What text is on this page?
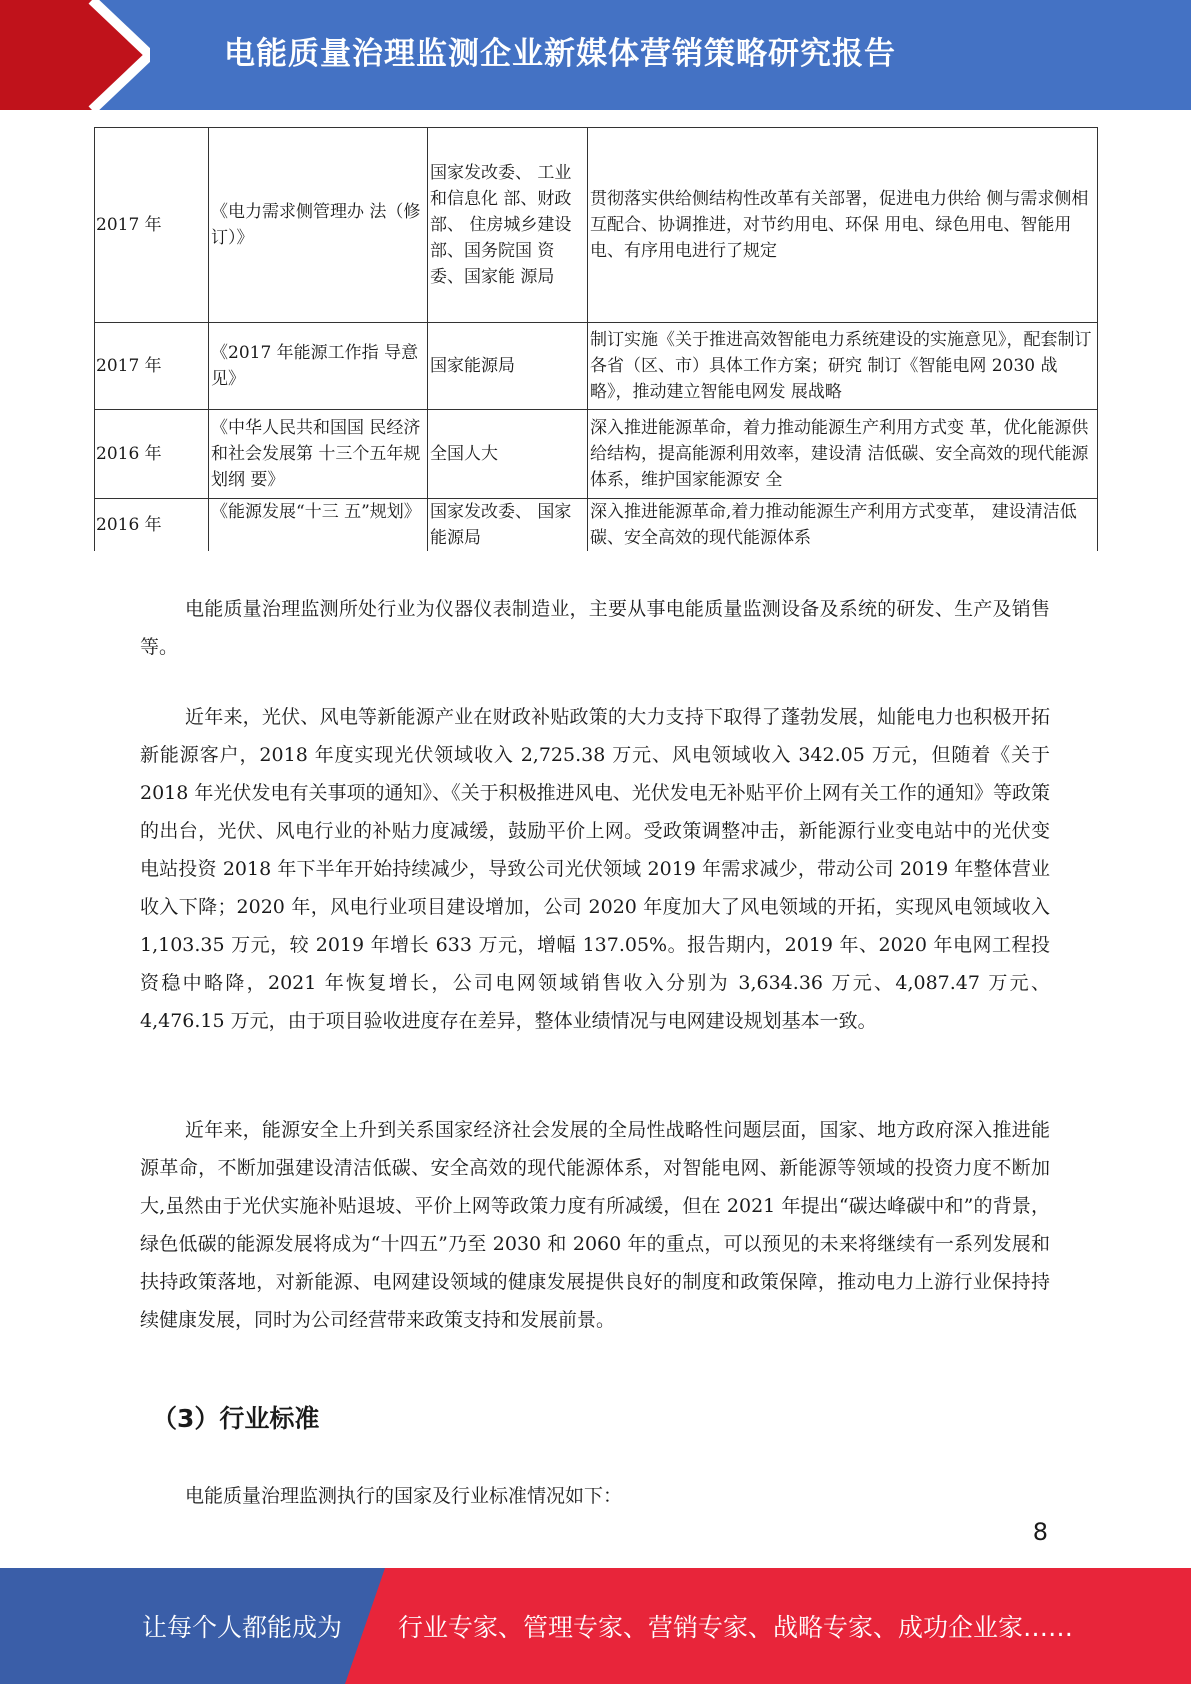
电能质量治理监测企业新媒体营销策略研究报告
2017 年	《电力需求侧管理办 法（修订）》	国家发改委、 工业和信息化 部、财政部、 住房城乡建设 部、国务院国 资委、国家能 源局	贯彻落实供给侧结构性改革有关部署，促进电力供给 侧与需求侧相互配合、协调推进，对节约用电、环保 用电、绿色用电、智能用电、有序用电进行了规定
2017 年	《2017 年能源工作指 导意见》	国家能源局	制订实施《关于推进高效智能电力系统建设的实施意见》，配套制订各省（区、市）具体工作方案；研究 制订《智能电网 2030 战略》，推动建立智能电网发 展战略
2016 年	《中华人民共和国国 民经济和社会发展第 十三个五年规划纲 要》	全国人大	深入推进能源革命，着力推动能源生产利用方式变 革，优化能源供给结构，提高能源利用效率，建设清 洁低碳、安全高效的现代能源体系，维护国家能源安 全
2016 年	《能源发展“十三 五”规划》	国家发改委、 国家能源局	深入推进能源革命,着力推动能源生产利用方式变革， 建设清洁低碳、安全高效的现代能源体系

电能质量治理监测所处行业为仪器仪表制造业，主要从事电能质量监测设备及系统的研发、生产及销售等。

近年来，光伏、风电等新能源产业在财政补贴政策的大力支持下取得了蓬勃发展，灿能电力也积极开拓新能源客户，2018 年度实现光伏领域收入 2,725.38 万元、风电领域收入 342.05 万元，但随着《关于 2018 年光伏发电有关事项的通知》、《关于积极推进风电、光伏发电无补贴平价上网有关工作的通知》等政策的出台，光伏、风电行业的补贴力度减缓，鼓励平价上网。受政策调整冲击，新能源行业变电站中的光伏变电站投资 2018 年下半年开始持续减少，导致公司光伏领域 2019 年需求减少，带动公司 2019 年整体营业收入下降；2020 年，风电行业项目建设增加，公司 2020 年度加大了风电领域的开拓，实现风电领域收入 1,103.35 万元，较 2019 年增长 633 万元，增幅 137.05%。报告期内，2019 年、2020 年电网工程投资稳中略降，2021 年恢复增长，公司电网领域销售收入分别为 3,634.36 万元、4,087.47 万元、4,476.15 万元，由于项目验收进度存在差异，整体业绩情况与电网建设规划基本一致。

近年来，能源安全上升到关系国家经济社会发展的全局性战略性问题层面，国家、地方政府深入推进能源革命，不断加强建设清洁低碳、安全高效的现代能源体系，对智能电网、新能源等领域的投资力度不断加大,虽然由于光伏实施补贴退坡、平价上网等政策力度有所减缓，但在 2021 年提出“碳达峰碳中和”的背景，绿色低碳的能源发展将成为“十四五”乃至 2030 和 2060 年的重点，可以预见的未来将继续有一系列发展和扶持政策落地，对新能源、电网建设领域的健康发展提供良好的制度和政策保障，推动电力上游行业保持持续健康发展，同时为公司经营带来政策支持和发展前景。

（3）行业标准

电能质量治理监测执行的国家及行业标准情况如下：

8
让每个人都能成为 行业专家、管理专家、营销专家、战略专家、成功企业家……
